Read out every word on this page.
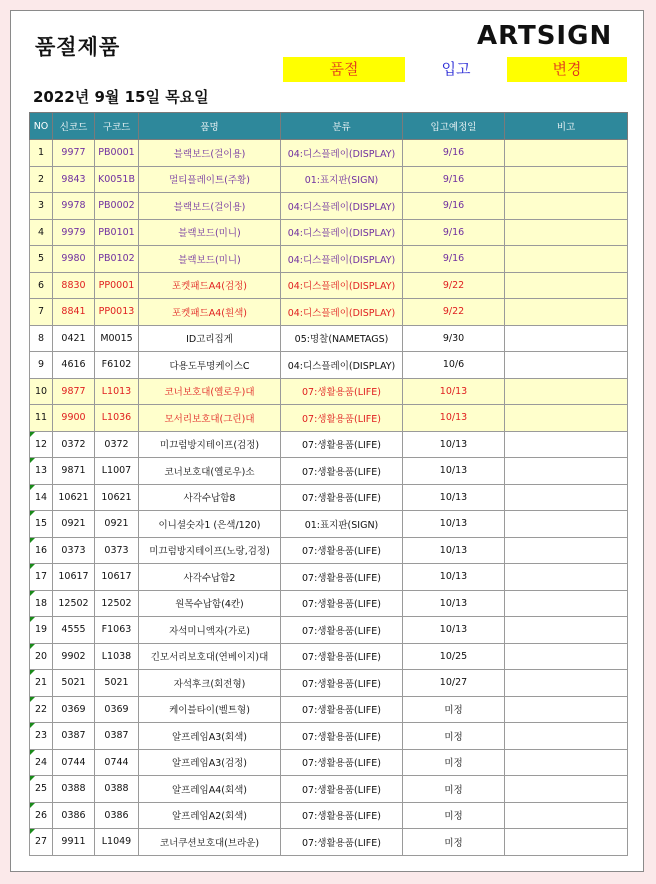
품절제품	ARTSIGN
품절	입고	변경
2022년 9월 15일 목요일
NO	신코드	구코드	품명	분류	입고예정일	비고
1	9977	PB0001	블랙보드(걸이용)	04:디스플레이(DISPLAY)	9/16	
2	9843	K0051B	멀티플레이트(주황)	01:표지판(SIGN)	9/16	
3	9978	PB0002	블랙보드(걸이용)	04:디스플레이(DISPLAY)	9/16	
4	9979	PB0101	블랙보드(미니)	04:디스플레이(DISPLAY)	9/16	
5	9980	PB0102	블랙보드(미니)	04:디스플레이(DISPLAY)	9/16	
6	8830	PP0001	포켓패드A4(검정)	04:디스플레이(DISPLAY)	9/22	
7	8841	PP0013	포켓패드A4(흰색)	04:디스플레이(DISPLAY)	9/22	
8	0421	M0015	ID고리집게	05:명찰(NAMETAGS)	9/30	
9	4616	F6102	다용도투명케이스C	04:디스플레이(DISPLAY)	10/6	
10	9877	L1013	코너보호대(옐로우)대	07:생활용품(LIFE)	10/13	
11	9900	L1036	모서리보호대(그린)대	07:생활용품(LIFE)	10/13	
12	0372	0372	미끄럼방지테이프(검정)	07:생활용품(LIFE)	10/13	
13	9871	L1007	코너보호대(옐로우)소	07:생활용품(LIFE)	10/13	
14	10621	10621	사각수납함8	07:생활용품(LIFE)	10/13	
15	0921	0921	이니셜숫자1 (은색/120)	01:표지판(SIGN)	10/13	
16	0373	0373	미끄럼방지테이프(노랑,검정)	07:생활용품(LIFE)	10/13	
17	10617	10617	사각수납함2	07:생활용품(LIFE)	10/13	
18	12502	12502	원목수납함(4칸)	07:생활용품(LIFE)	10/13	
19	4555	F1063	자석미니액자(가로)	07:생활용품(LIFE)	10/13	
20	9902	L1038	긴모서리보호대(연베이지)대	07:생활용품(LIFE)	10/25	
21	5021	5021	자석후크(회전형)	07:생활용품(LIFE)	10/27	
22	0369	0369	케이블타이(벨트형)	07:생활용품(LIFE)	미정	
23	0387	0387	알프레임A3(회색)	07:생활용품(LIFE)	미정	
24	0744	0744	알프레임A3(검정)	07:생활용품(LIFE)	미정	
25	0388	0388	알프레임A4(회색)	07:생활용품(LIFE)	미정	
26	0386	0386	알프레임A2(회색)	07:생활용품(LIFE)	미정	
27	9911	L1049	코너쿠션보호대(브라운)	07:생활용품(LIFE)	미정	
